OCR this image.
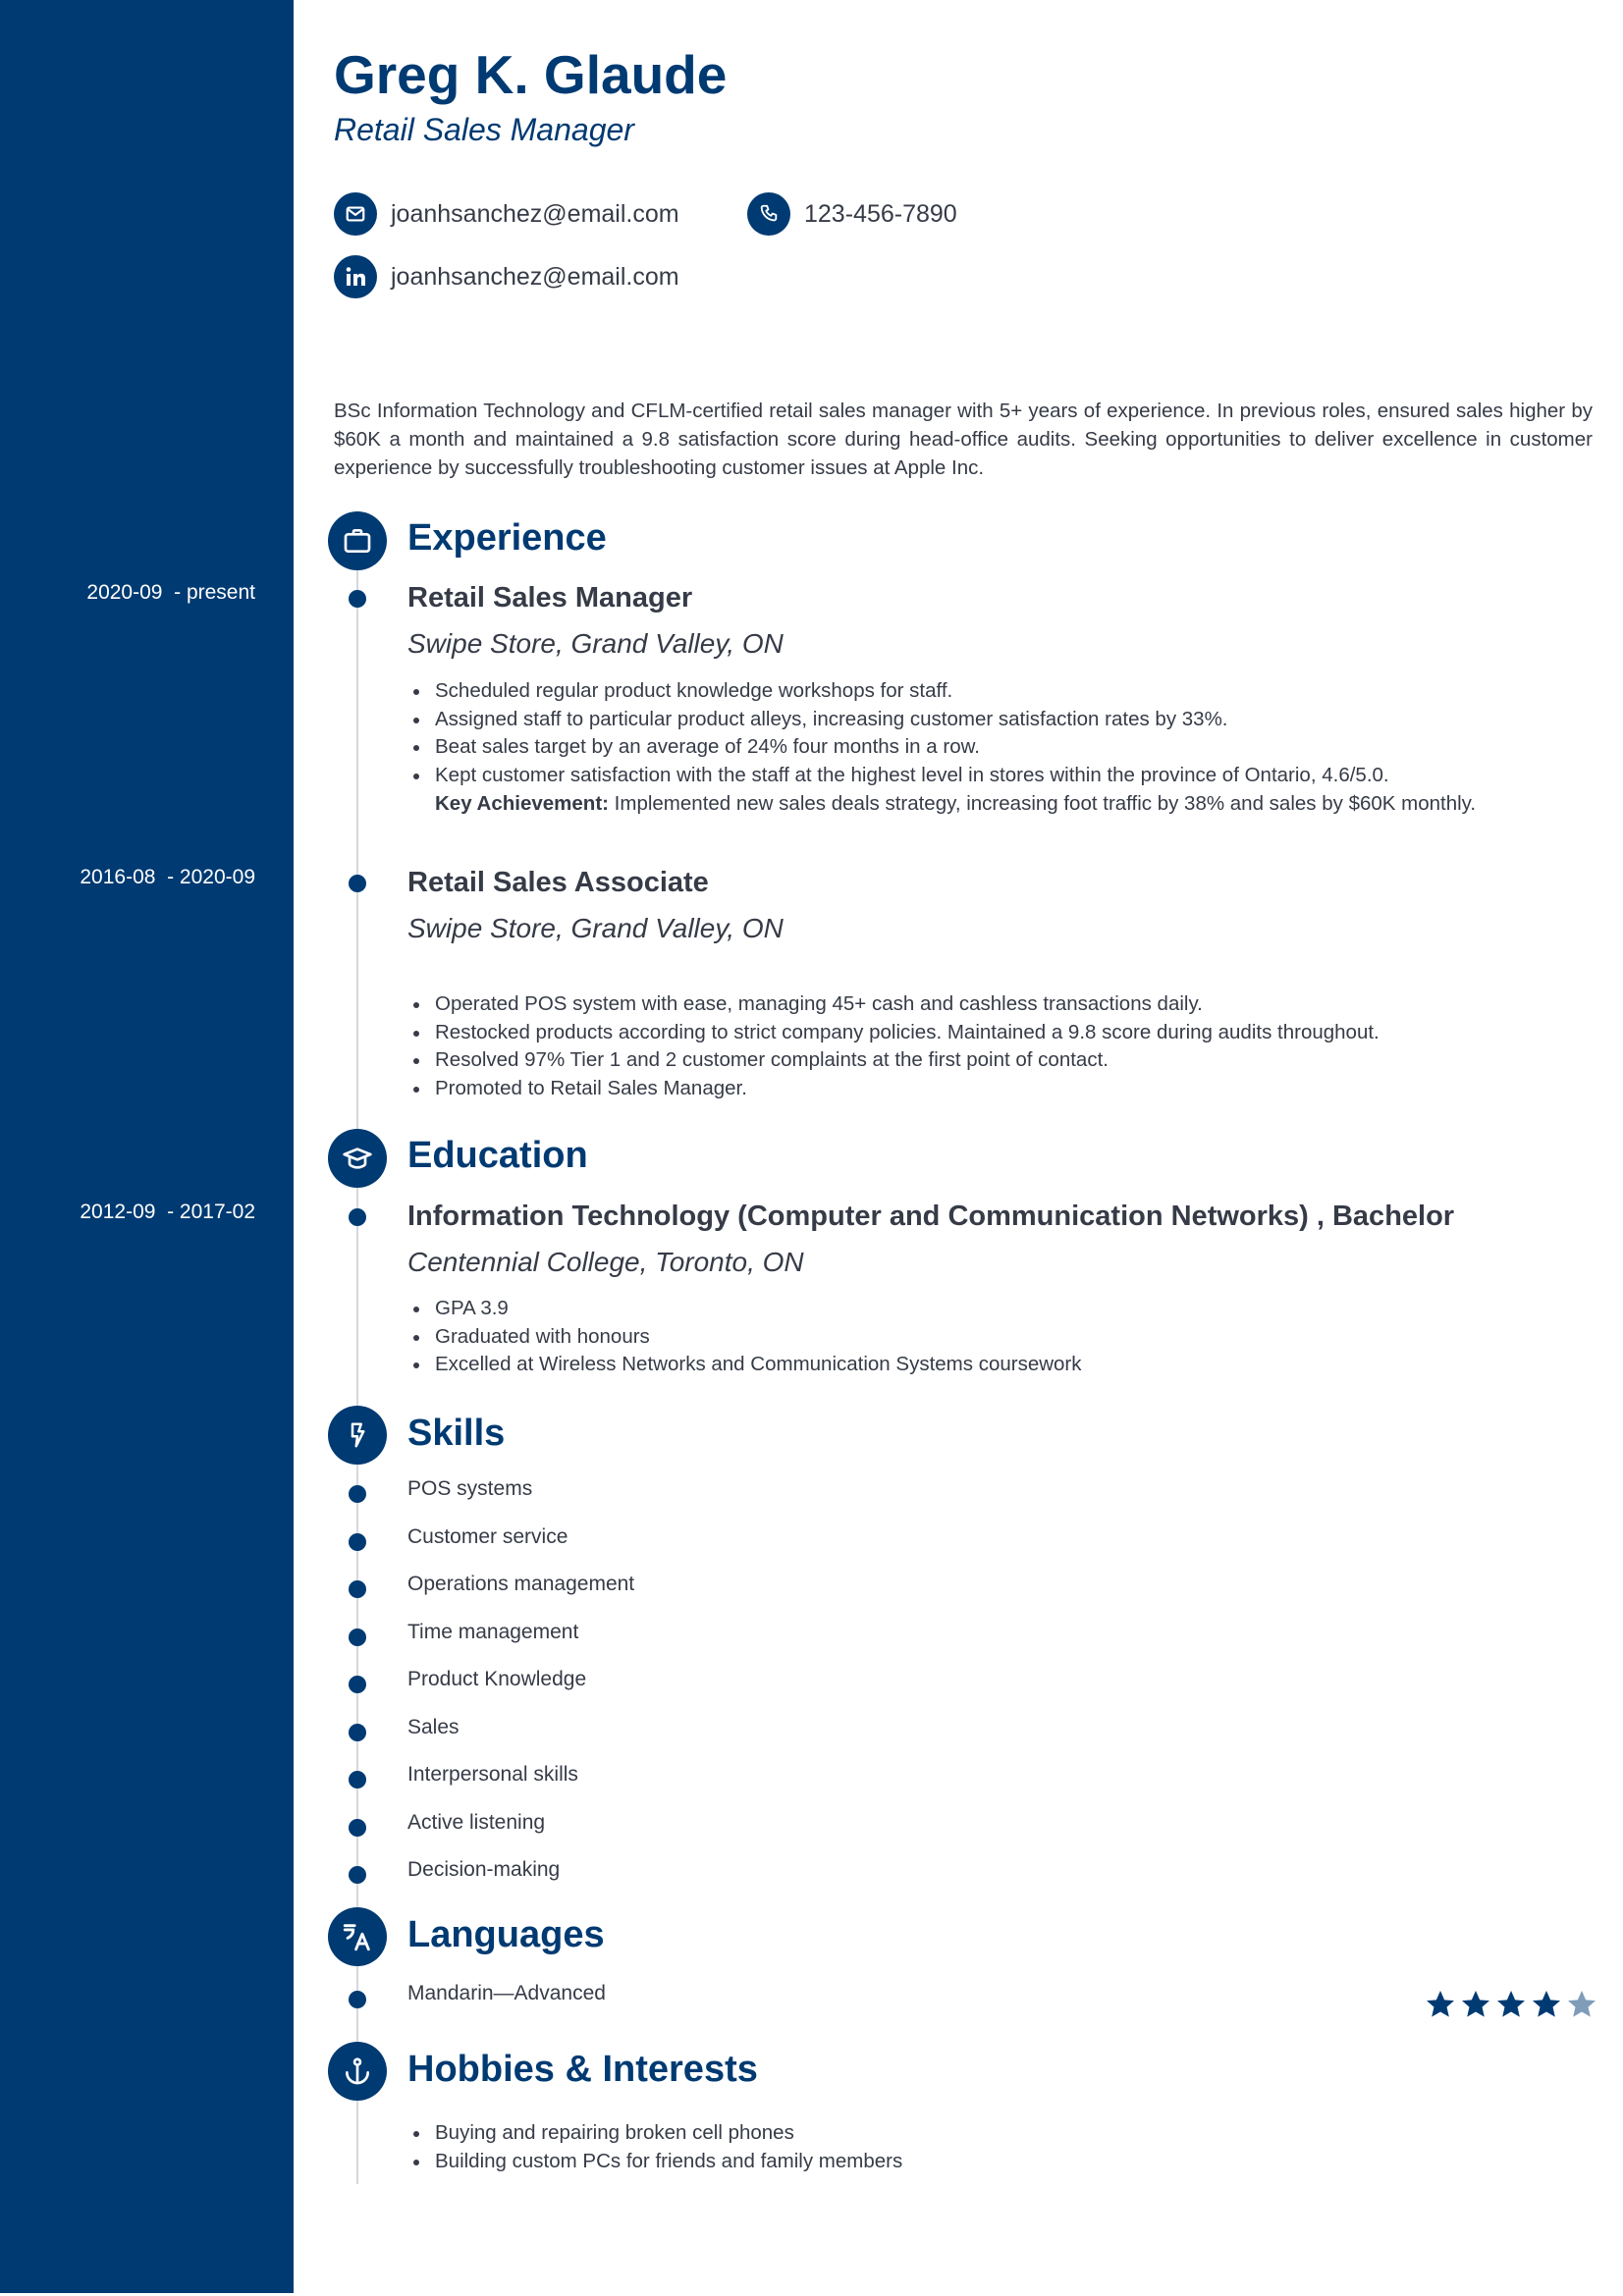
2020-09  - present
2016-08  - 2020-09
2012-09  - 2017-02
Greg K. Glaude
Retail Sales Manager
joanhsanchez@email.com	123-456-7890
joanhsanchez@email.com
BSc Information Technology and CFLM-certified retail sales manager with 5+ years of experience. In previous roles, ensured sales higher by $60K a month and maintained a 9.8 satisfaction score during head-office audits. Seeking opportunities to deliver excellence in customer experience by successfully troubleshooting customer issues at Apple Inc.
Experience
Retail Sales Manager
Swipe Store, Grand Valley, ON
Scheduled regular product knowledge workshops for staff.
Assigned staff to particular product alleys, increasing customer satisfaction rates by 33%.
Beat sales target by an average of 24% four months in a row.
Kept customer satisfaction with the staff at the highest level in stores within the province of Ontario, 4.6/5.0.
Key Achievement: Implemented new sales deals strategy, increasing foot traffic by 38% and sales by $60K monthly.
Retail Sales Associate
Swipe Store, Grand Valley, ON
Operated POS system with ease, managing 45+ cash and cashless transactions daily.
Restocked products according to strict company policies. Maintained a 9.8 score during audits throughout.
Resolved 97% Tier 1 and 2 customer complaints at the first point of contact.
Promoted to Retail Sales Manager.
Education
Information Technology (Computer and Communication Networks) , Bachelor
Centennial College, Toronto, ON
GPA 3.9
Graduated with honours
Excelled at Wireless Networks and Communication Systems coursework
Skills
POS systems
Customer service
Operations management
Time management
Product Knowledge
Sales
Interpersonal skills
Active listening
Decision-making
Languages
Mandarin—Advanced
Hobbies & Interests
Buying and repairing broken cell phones
Building custom PCs for friends and family members
